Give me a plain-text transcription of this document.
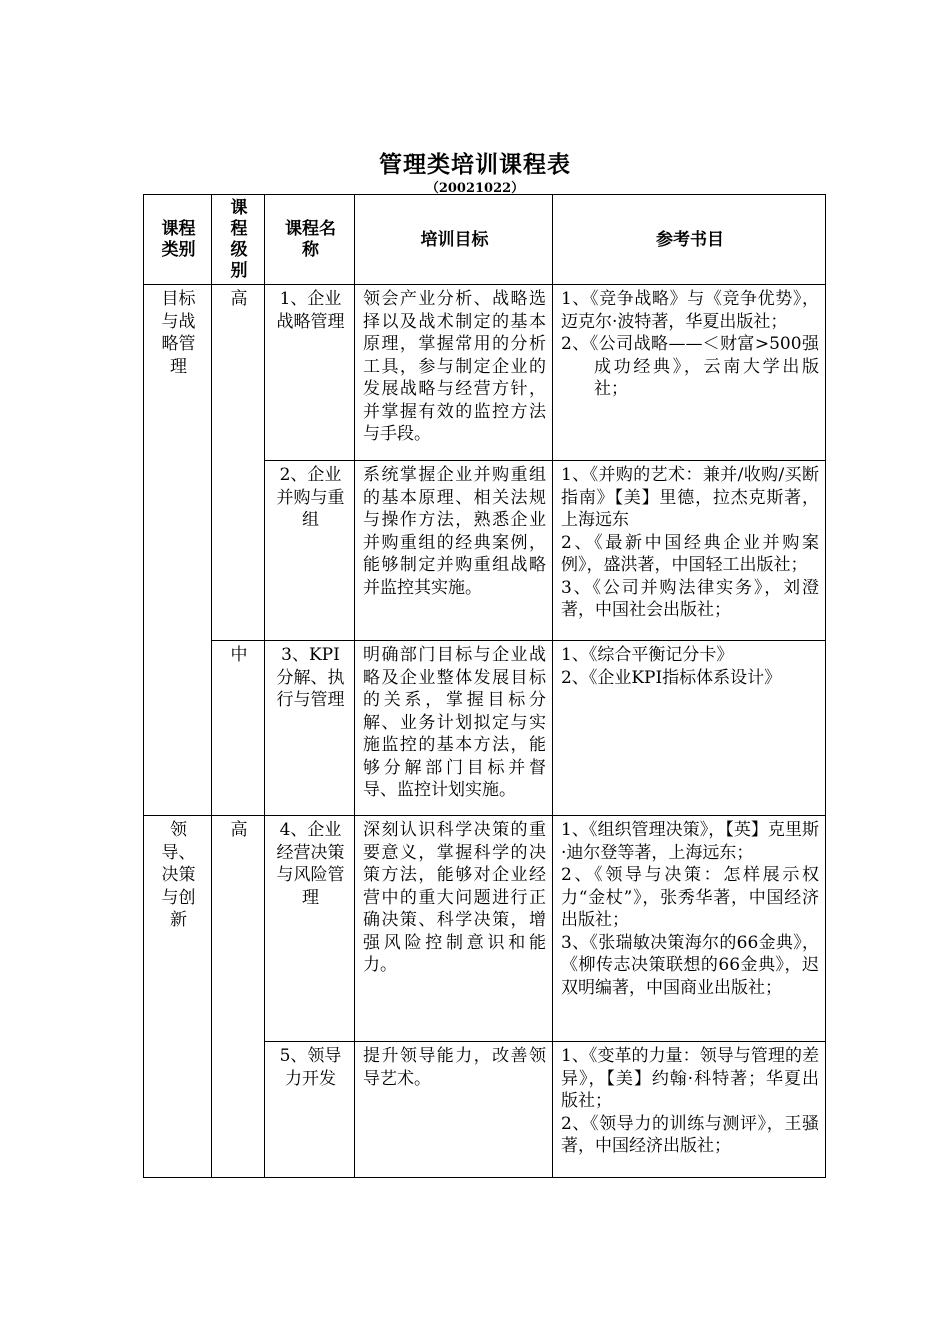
管理类培训课程表
（20021022）
课程类别	课程级别	课程名称	培训目标	参考书目

目标与战略管理	高	1、企业战略管理	领会产业分析、战略选择以及战术制定的基本原理，掌握常用的分析工具，参与制定企业的发展战略与经营方针，并掌握有效的监控方法与手段。	1、《竞争战略》与《竞争优势》，迈克尔·波特著，华夏出版社；

2、《公司战略——＜财富>500强成功经典》，云南大学出版社；

		2、企业并购与重组	系统掌握企业并购重组的基本原理、相关法规与操作方法，熟悉企业并购重组的经典案例，能够制定并购重组战略并监控其实施。	1、《并购的艺术：兼并/收购/买断指南》【美】里德，拉杰克斯著，上海远东

2、《最新中国经典企业并购案例》，盛洪著，中国轻工出版社；

3、《公司并购法律实务》，刘澄著，中国社会出版社；

	中	3、KPI分解、执行与管理	明确部门目标与企业战略及企业整体发展目标的关系，掌握目标分解、业务计划拟定与实施监控的基本方法，能够分解部门目标并督导、监控计划实施。	1、《综合平衡记分卡》

2、《企业KPI指标体系设计》

领导、决策与创新	高	4、企业经营决策与风险管理	深刻认识科学决策的重要意义，掌握科学的决策方法，能够对企业经营中的重大问题进行正确决策、科学决策，增强风险控制意识和能力。	1、《组织管理决策》，【英】克里斯·迪尔登等著，上海远东；

2、《领导与决策：怎样展示权力“金杖”》，张秀华著，中国经济出版社；

3、《张瑞敏决策海尔的66金典》，《柳传志决策联想的66金典》，迟双明编著，中国商业出版社；

		5、领导力开发	提升领导能力，改善领导艺术。	1、《变革的力量：领导与管理的差异》，【美】约翰·科特著；华夏出版社；

2、《领导力的训练与测评》，王骚著，中国经济出版社；
